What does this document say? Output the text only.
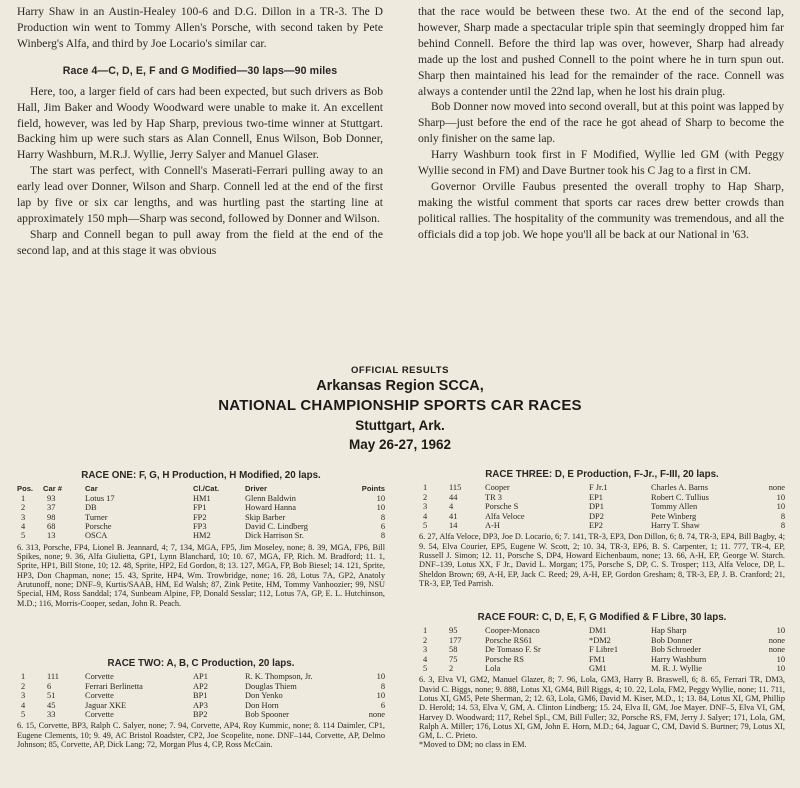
Harry Shaw in an Austin-Healey 100-6 and D.G. Dillon in a TR-3. The D Production win went to Tommy Allen's Porsche, with second taken by Pete Winberg's Alfa, and third by Joe Locario's similar car.

Race 4—C, D, E, F and G Modified—30 laps—90 miles

Here, too, a larger field of cars had been expected, but such drivers as Bob Hall, Jim Baker and Woody Woodward were unable to make it. An excellent field, however, was led by Hap Sharp, previous two-time winner at Stuttgart. Backing him up were such stars as Alan Connell, Enus Wilson, Bob Donner, Harry Washburn, M.R.J. Wyllie, Jerry Salyer and Manuel Glaser.

The start was perfect, with Connell's Maserati-Ferrari pulling away to an early lead over Donner, Wilson and Sharp. Connell led at the end of the first lap by five or six car lengths, and was hurtling past the starting line at approximately 150 mph—Sharp was second, followed by Donner and Wilson.

Sharp and Connell began to pull away from the field at the end of the second lap, and at this stage it was obvious

that the race would be between these two. At the end of the second lap, however, Sharp made a spectacular triple spin that seemingly dropped him far behind Connell. Before the third lap was over, however, Sharp had already made up the lost and pushed Connell to the point where he in turn spun out. Sharp then maintained his lead for the remainder of the race. Connell was always a contender until the 22nd lap, when he lost his drain plug.

Bob Donner now moved into second overall, but at this point was lapped by Sharp—just before the end of the race he got ahead of Sharp to become the only finisher on the same lap.

Harry Washburn took first in F Modified, Wyllie led GM (with Peggy Wyllie second in FM) and Dave Burtner took his C Jag to a first in CM.

Governor Orville Faubus presented the overall trophy to Hap Sharp, making the wistful comment that sports car races drew better crowds than political rallies. The hospitality of the community was tremendous, and all the officials did a top job. We hope you'll all be back at our National in '63.

OFFICIAL RESULTS
Arkansas Region SCCA,
NATIONAL CHAMPIONSHIP SPORTS CAR RACES
Stuttgart, Ark.
May 26-27, 1962
RACE ONE: F, G, H Production, H Modified, 20 laps.
Pos. Car #	Car	Cl./Cat.	Driver	Points
1	93	Lotus 17	HM1	Glenn Baldwin	10
2	37	DB	FP1	Howard Hanna	10
3	98	Turner	FP2	Skip Barber	8
4	68	Porsche	FP3	David C. Lindberg	6
5	13	OSCA	HM2	Dick Harrison Sr.	8

6. 313, Porsche, FP4, Lionel B. Jeannard, 4; 7, 134, MGA, FP5, Jim Moseley, none; 8. 39, MGA, FP6, Bill Spikes, none; 9. 36, Alfa Giulietta, GP1, Lynn Blanchard, 10; 10. 67, MGA, FP, Rich. M. Bradford; 11. 1, Sprite, HP1, Bill Stone, 10; 12. 48, Sprite, HP2, Ed Gordon, 8; 13. 127, MGA, FP, Bob Biesel; 14. 121, Sprite, HP3, Don Chapman, none; 15. 43, Sprite, HP4, Wm. Trowbridge, none; 16. 28, Lotus 7A, GP2, Anatoly Arutunoff, none; DNF–9, Kurtis/SAAB, HM, Ed Walsh; 87, Zink Petite, HM, Tommy Vanhoozier; 99, NSU Special, HM, Ross Sanddal; 174, Sunbeam Alpine, FP, Donald Sesslar; 112, Lotus 7A, GP, E. L. Hutchinson, M.D.; 116, Morris-Cooper, sedan, John R. Peach.

RACE TWO: A, B, C Production, 20 laps.
1	111	Corvette	AP1	R. K. Thompson, Jr.	10
2	6	Ferrari Berlinetta	AP2	Douglas Thiem	8
3	51	Corvette	BP1	Don Yenko	10
4	45	Jaguar XKE	AP3	Don Horn	6
5	33	Corvette	BP2	Bob Spooner	none

6. 15, Corvette, BP3, Ralph C. Salyer, none; 7. 94, Corvette, AP4, Roy Kummic, none; 8. 114 Daimler, CP1, Eugene Clements, 10; 9. 49, AC Bristol Roadster, CP2, Joe Scopelite, none. DNF–144, Corvette, AP, Delmo Johnson; 85, Corvette, AP, Dick Lang; 72, Morgan Plus 4, CP, Ross McCain.

RACE THREE: D, E Production, F-Jr., F-III, 20 laps.
1	115	Cooper	F Jr.1	Charles A. Barns	none
2	44	TR 3	EP1	Robert C. Tullius	10
3	4	Porsche S	DP1	Tommy Allen	10
4	41	Alfa Veloce	DP2	Pete Winberg	8
5	14	A-H	EP2	Harry T. Shaw	8

6. 27, Alfa Veloce, DP3, Joe D. Locario, 6; 7. 141, TR-3, EP3, Don Dillon, 6; 8. 74, TR-3, EP4, Bill Bagby, 4; 9. 54, Elva Courier, EP5, Eugene W. Scott, 2; 10. 34, TR-3, EP6, B. S. Carpenter, 1; 11. 777, TR-4, EP, Russell J. Simon; 12. 11, Porsche S, DP4, Howard Eichenbaum, none; 13. 66, A-H, EP, George W. Starch. DNF–139, Lotus XX, F Jr., David L. Morgan; 175, Porsche S, DP, C. S. Trosper; 113, Alfa Veloce, DP, L. Sheldon Brown; 69, A-H, EP, Jack C. Reed; 29, A-H, EP, Gordon Gresham; 8, TR-3, EP, J. B. Cranford; 21, TR-3, EP, Ted Parrish.

RACE FOUR: C, D, E, F, G Modified & F Libre, 30 laps.
1	95	Cooper-Monaco	DM1	Hap Sharp	10
2	177	Porsche RS61	*DM2	Bob Donner	none
3	58	De Tomaso F. Sr	F Libre1	Bob Schroeder	none
4	75	Porsche RS	FM1	Harry Washburn	10
5	2	Lola	GM1	M. R. J. Wyllie	10

6. 3, Elva VI, GM2, Manuel Glazer, 8; 7. 96, Lola, GM3, Harry B. Braswell, 6; 8. 65, Ferrari TR, DM3, David C. Biggs, none; 9. 888, Lotus XI, GM4, Bill Riggs, 4; 10. 22, Lola, FM2, Peggy Wyllie, none; 11. 711, Lotus XI, GM5, Pete Sherman, 2; 12. 63, Lola, GM6, David M. Kiser, M.D., 1; 13. 84, Lotus XI, GM, Phillip D. Herold; 14. 53, Elva V, GM, A. Clinton Lindberg; 15. 24, Elva II, GM, Joe Mayer. DNF–5, Elva VI, GM, Harvey D. Woodward; 117, Rebel Spl., CM, Bill Fuller; 32, Porsche RS, FM, Jerry J. Salyer; 171, Lola, GM, Ralph A. Miller; 176, Lotus XI, GM, John E. Horn, M.D.; 64, Jaguar C, CM, David S. Burtner; 79, Lotus XI, GM, L. C. Prieto.

*Moved to DM; no class in EM.
